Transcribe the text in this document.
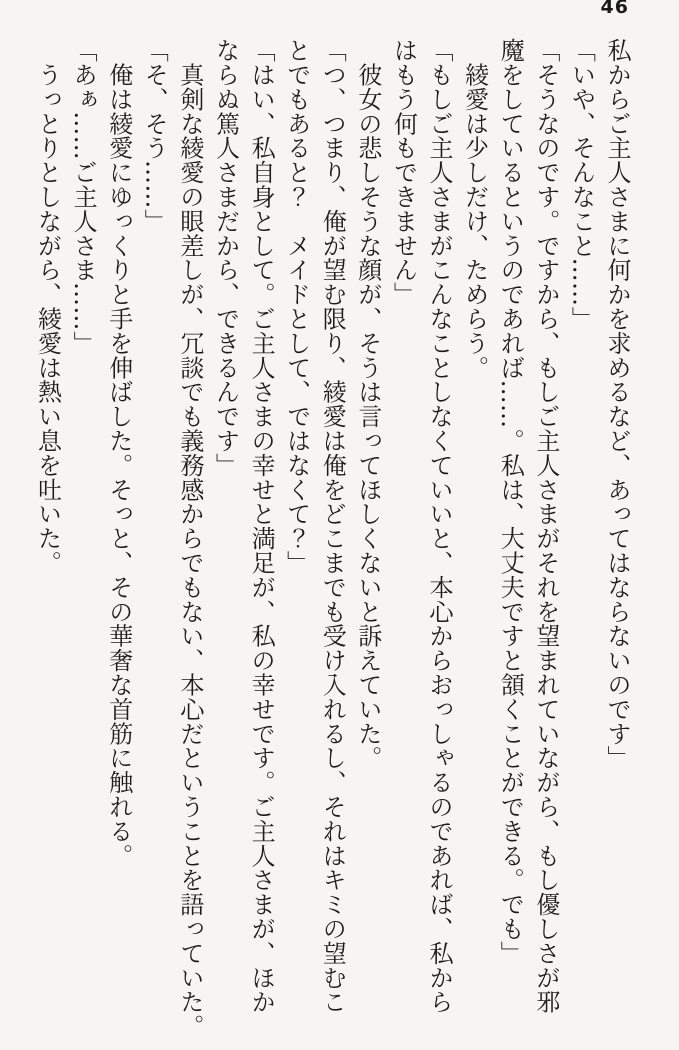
46

私からご主人さまに何かを求めるなど、あってはならないのです」

「いや、そんなこと……」

「そうなのです。ですから、もしご主人さまがそれを望まれていながら、もし優しさが邪

魔をしているというのであれば……。私は、大丈夫ですと頷くことができる。でも」

　綾愛は少しだけ、ためらう。

「もしご主人さまがこんなことしなくていいと、本心からおっしゃるのであれば、私から

はもう何もできません」

　彼女の悲しそうな顔が、そうは言ってほしくないと訴えていた。

「つ、つまり、俺が望む限り、綾愛は俺をどこまでも受け入れるし、それはキミの望むこ

とでもあると？　メイドとして、ではなくて？」

「はい、私自身として。ご主人さまの幸せと満足が、私の幸せです。ご主人さまが、ほか

ならぬ篤人さまだから、できるんです」

　真剣な綾愛の眼差しが、冗談でも義務感からでもない、本心だということを語っていた。

「そ、そう……」

　俺は綾愛にゆっくりと手を伸ばした。そっと、その華奢な首筋に触れる。

「あぁ……ご主人さま……」

　うっとりとしながら、綾愛は熱い息を吐いた。
